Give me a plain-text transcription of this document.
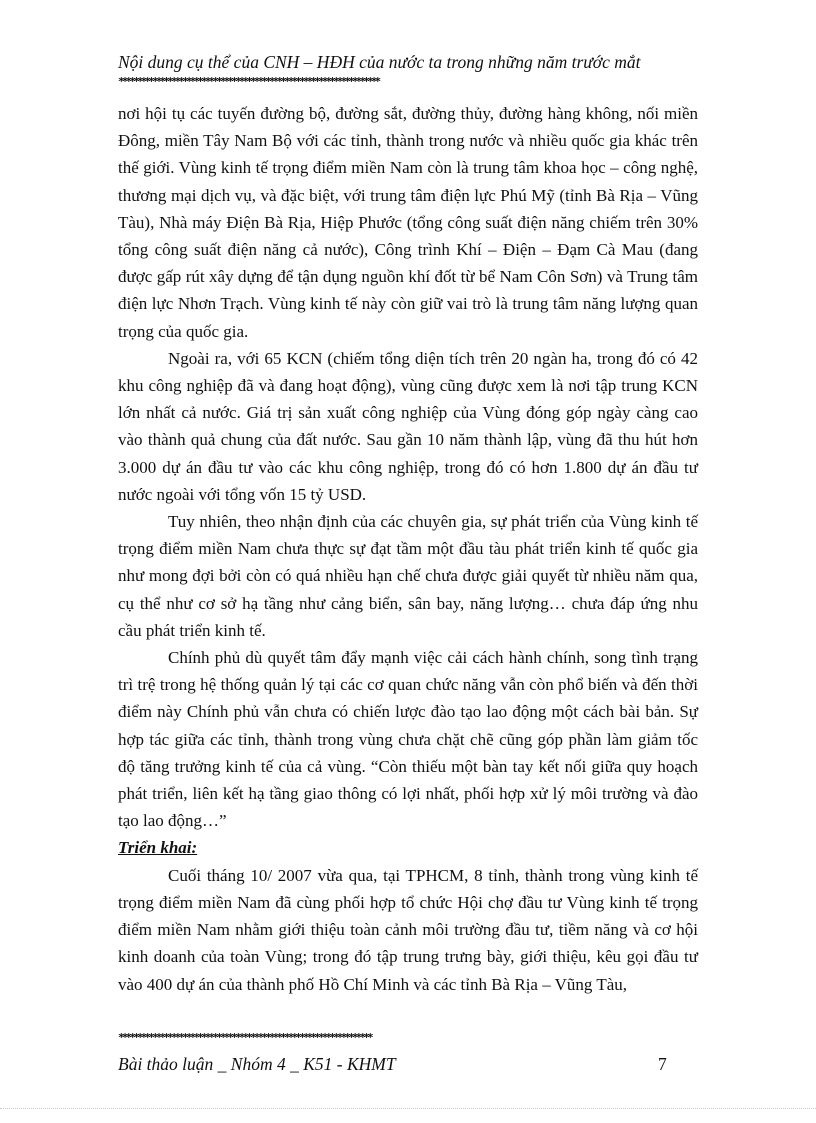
Nội dung cụ thể của CNH – HĐH của nước ta trong những năm trước mắt
*********************************************************************

nơi hội tụ các tuyến đường bộ, đường sắt, đường thủy, đường hàng không, nối miền Đông, miền Tây Nam Bộ với các tỉnh, thành trong nước và nhiều quốc gia khác trên thế giới. Vùng kinh tế trọng điểm miền Nam còn là trung tâm khoa học – công nghệ, thương mại dịch vụ, và đặc biệt, với trung tâm điện lực Phú Mỹ (tỉnh Bà Rịa – Vũng Tàu), Nhà máy Điện Bà Rịa, Hiệp Phước (tổng công suất điện năng chiếm trên 30% tổng công suất điện năng cả nước), Công trình Khí – Điện – Đạm Cà Mau (đang được gấp rút xây dựng để tận dụng nguồn khí đốt từ bể Nam Côn Sơn) và Trung tâm điện lực Nhơn Trạch. Vùng kinh tế này còn giữ vai trò là trung tâm năng lượng quan trọng của quốc gia.

Ngoài ra, với 65 KCN (chiếm tổng diện tích trên 20 ngàn ha, trong đó có 42 khu công nghiệp đã và đang hoạt động), vùng cũng được xem là nơi tập trung KCN lớn nhất cả nước. Giá trị sản xuất công nghiệp của Vùng đóng góp ngày càng cao vào thành quả chung của đất nước. Sau gần 10 năm thành lập, vùng đã thu hút hơn 3.000 dự án đầu tư vào các khu công nghiệp, trong đó có hơn 1.800 dự án đầu tư nước ngoài với tổng vốn 15 tỷ USD.

Tuy nhiên, theo nhận định của các chuyên gia, sự phát triển của Vùng kinh tế trọng điểm miền Nam chưa thực sự đạt tầm một đầu tàu phát triển kinh tế quốc gia như mong đợi bởi còn có quá nhiều hạn chế chưa được giải quyết từ nhiều năm qua, cụ thể như cơ sở hạ tầng như cảng biển, sân bay, năng lượng… chưa đáp ứng nhu cầu phát triển kinh tế.

Chính phủ dù quyết tâm đẩy mạnh việc cải cách hành chính, song tình trạng trì trệ trong hệ thống quản lý tại các cơ quan chức năng vẫn còn phổ biến và đến thời điểm này Chính phủ vẫn chưa có chiến lược đào tạo lao động một cách bài bản. Sự hợp tác giữa các tỉnh, thành trong vùng chưa chặt chẽ cũng góp phần làm giảm tốc độ tăng trưởng kinh tế của cả vùng. “Còn thiếu một bàn tay kết nối giữa quy hoạch phát triển, liên kết hạ tầng giao thông có lợi nhất, phối hợp xử lý môi trường và đào tạo lao động…”

Triển khai:

Cuối tháng 10/ 2007 vừa qua, tại TPHCM, 8 tỉnh, thành trong vùng kinh tế trọng điểm miền Nam đã cùng phối hợp tổ chức Hội chợ đầu tư Vùng kinh tế trọng điểm miền Nam nhằm giới thiệu toàn cảnh môi trường đầu tư, tiềm năng và cơ hội kinh doanh của toàn Vùng; trong đó tập trung trưng bày, giới thiệu, kêu gọi đầu tư vào 400 dự án của thành phố Hồ Chí Minh và các tỉnh Bà Rịa – Vũng Tàu,

*******************************************************************
Bài thảo luận _ Nhóm 4 _ K51 - KHMT	7
